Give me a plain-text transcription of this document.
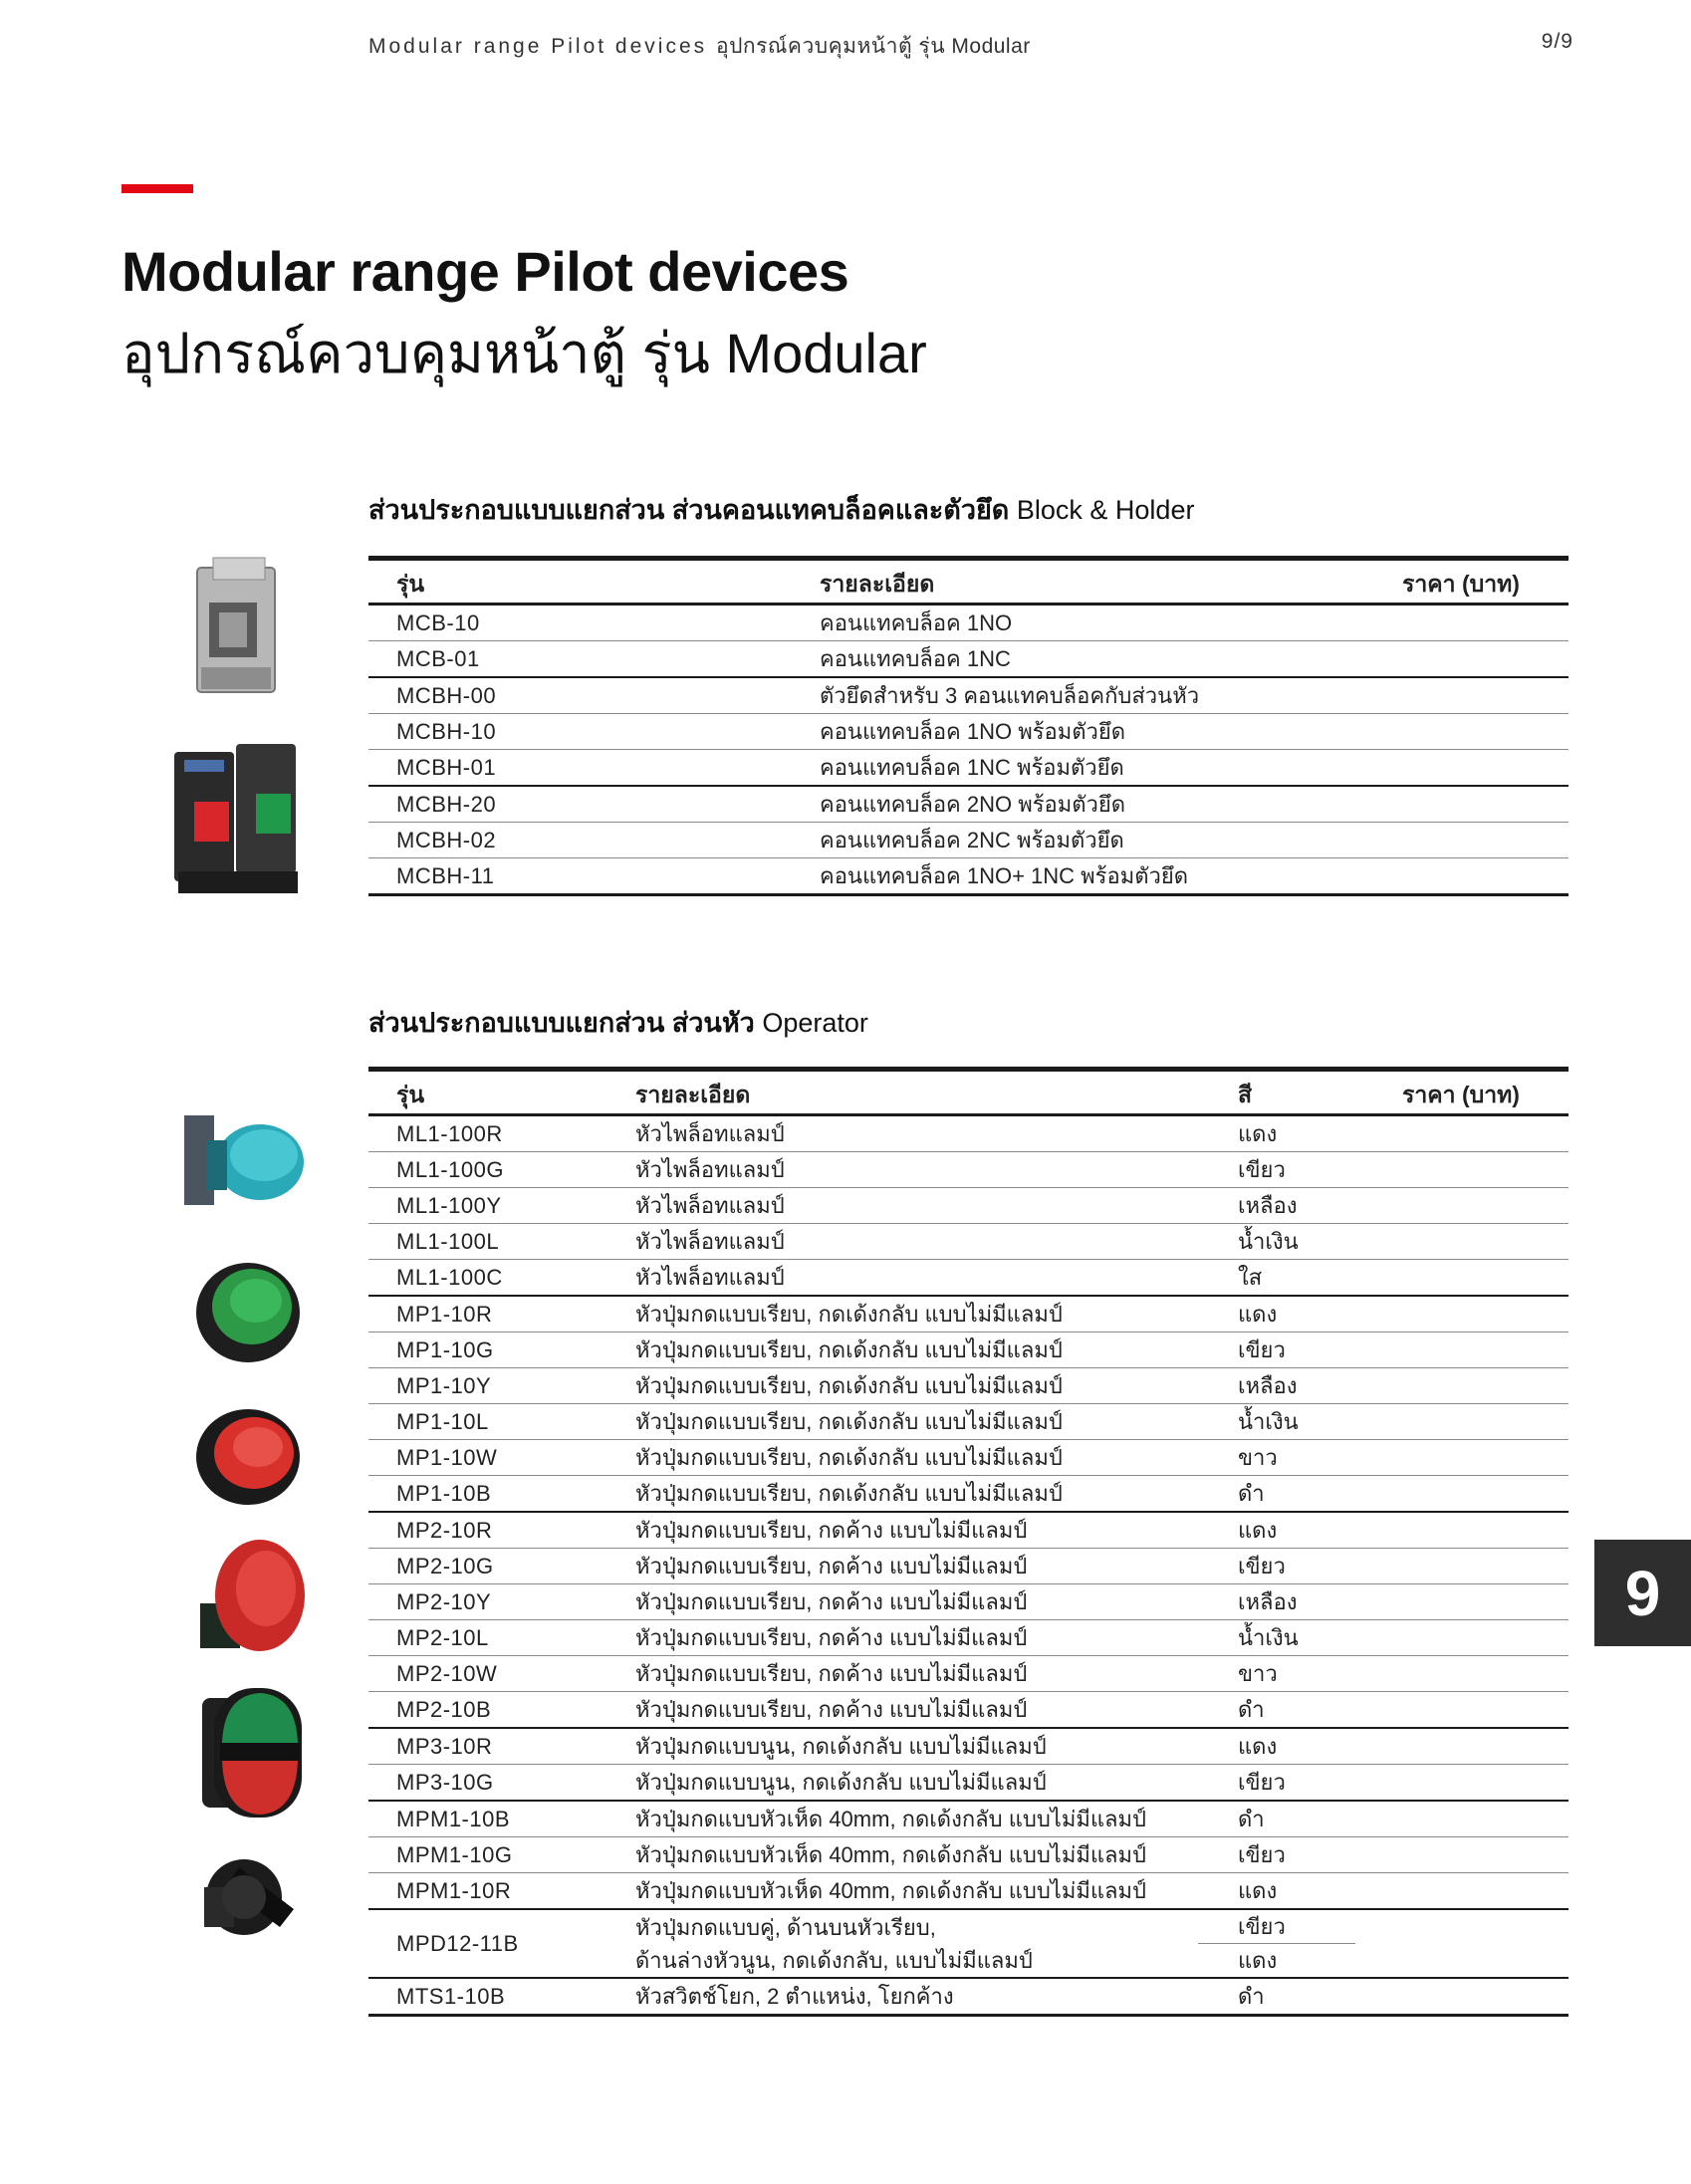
Modular range Pilot devices อุปกรณ์ควบคุมหน้าตู้ รุ่น Modular	9/9
Modular range Pilot devices
อุปกรณ์ควบคุมหน้าตู้ รุ่น Modular
ส่วนประกอบแบบแยกส่วน ส่วนคอนแทคบล็อคและตัวยึด Block & Holder
รุ่น	รายละเอียด	ราคา (บาท)
MCB-10	คอนแทคบล็อค 1NO	
MCB-01	คอนแทคบล็อค 1NC	
MCBH-00	ตัวยึดสำหรับ 3 คอนแทคบล็อคกับส่วนหัว	
MCBH-10	คอนแทคบล็อค 1NO พร้อมตัวยึด	
MCBH-01	คอนแทคบล็อค 1NC พร้อมตัวยึด	
MCBH-20	คอนแทคบล็อค 2NO พร้อมตัวยึด	
MCBH-02	คอนแทคบล็อค 2NC พร้อมตัวยึด	
MCBH-11	คอนแทคบล็อค 1NO+ 1NC พร้อมตัวยึด	
ส่วนประกอบแบบแยกส่วน ส่วนหัว Operator
รุ่น	รายละเอียด	สี	ราคา (บาท)
ML1-100R	หัวไพล็อทแลมป์	แดง	
ML1-100G	หัวไพล็อทแลมป์	เขียว	
ML1-100Y	หัวไพล็อทแลมป์	เหลือง	
ML1-100L	หัวไพล็อทแลมป์	น้ำเงิน	
ML1-100C	หัวไพล็อทแลมป์	ใส	
MP1-10R	หัวปุ่มกดแบบเรียบ, กดเด้งกลับ แบบไม่มีแลมป์	แดง	
MP1-10G	หัวปุ่มกดแบบเรียบ, กดเด้งกลับ แบบไม่มีแลมป์	เขียว	
MP1-10Y	หัวปุ่มกดแบบเรียบ, กดเด้งกลับ แบบไม่มีแลมป์	เหลือง	
MP1-10L	หัวปุ่มกดแบบเรียบ, กดเด้งกลับ แบบไม่มีแลมป์	น้ำเงิน	
MP1-10W	หัวปุ่มกดแบบเรียบ, กดเด้งกลับ แบบไม่มีแลมป์	ขาว	
MP1-10B	หัวปุ่มกดแบบเรียบ, กดเด้งกลับ แบบไม่มีแลมป์	ดำ	
MP2-10R	หัวปุ่มกดแบบเรียบ, กดค้าง แบบไม่มีแลมป์	แดง	
MP2-10G	หัวปุ่มกดแบบเรียบ, กดค้าง แบบไม่มีแลมป์	เขียว	
MP2-10Y	หัวปุ่มกดแบบเรียบ, กดค้าง แบบไม่มีแลมป์	เหลือง	
MP2-10L	หัวปุ่มกดแบบเรียบ, กดค้าง แบบไม่มีแลมป์	น้ำเงิน	
MP2-10W	หัวปุ่มกดแบบเรียบ, กดค้าง แบบไม่มีแลมป์	ขาว	
MP2-10B	หัวปุ่มกดแบบเรียบ, กดค้าง แบบไม่มีแลมป์	ดำ	
MP3-10R	หัวปุ่มกดแบบนูน, กดเด้งกลับ แบบไม่มีแลมป์	แดง	
MP3-10G	หัวปุ่มกดแบบนูน, กดเด้งกลับ แบบไม่มีแลมป์	เขียว	
MPM1-10B	หัวปุ่มกดแบบหัวเห็ด 40mm, กดเด้งกลับ แบบไม่มีแลมป์	ดำ	
MPM1-10G	หัวปุ่มกดแบบหัวเห็ด 40mm, กดเด้งกลับ แบบไม่มีแลมป์	เขียว	
MPM1-10R	หัวปุ่มกดแบบหัวเห็ด 40mm, กดเด้งกลับ แบบไม่มีแลมป์	แดง	
MPD12-11B	หัวปุ่มกดแบบคู่, ด้านบนหัวเรียบ,
ด้านล่างหัวนูน, กดเด้งกลับ, แบบไม่มีแลมป์	เขียว
แดง	
MTS1-10B	หัวสวิตช์โยก, 2 ตำแหน่ง, โยกค้าง	ดำ	
9
